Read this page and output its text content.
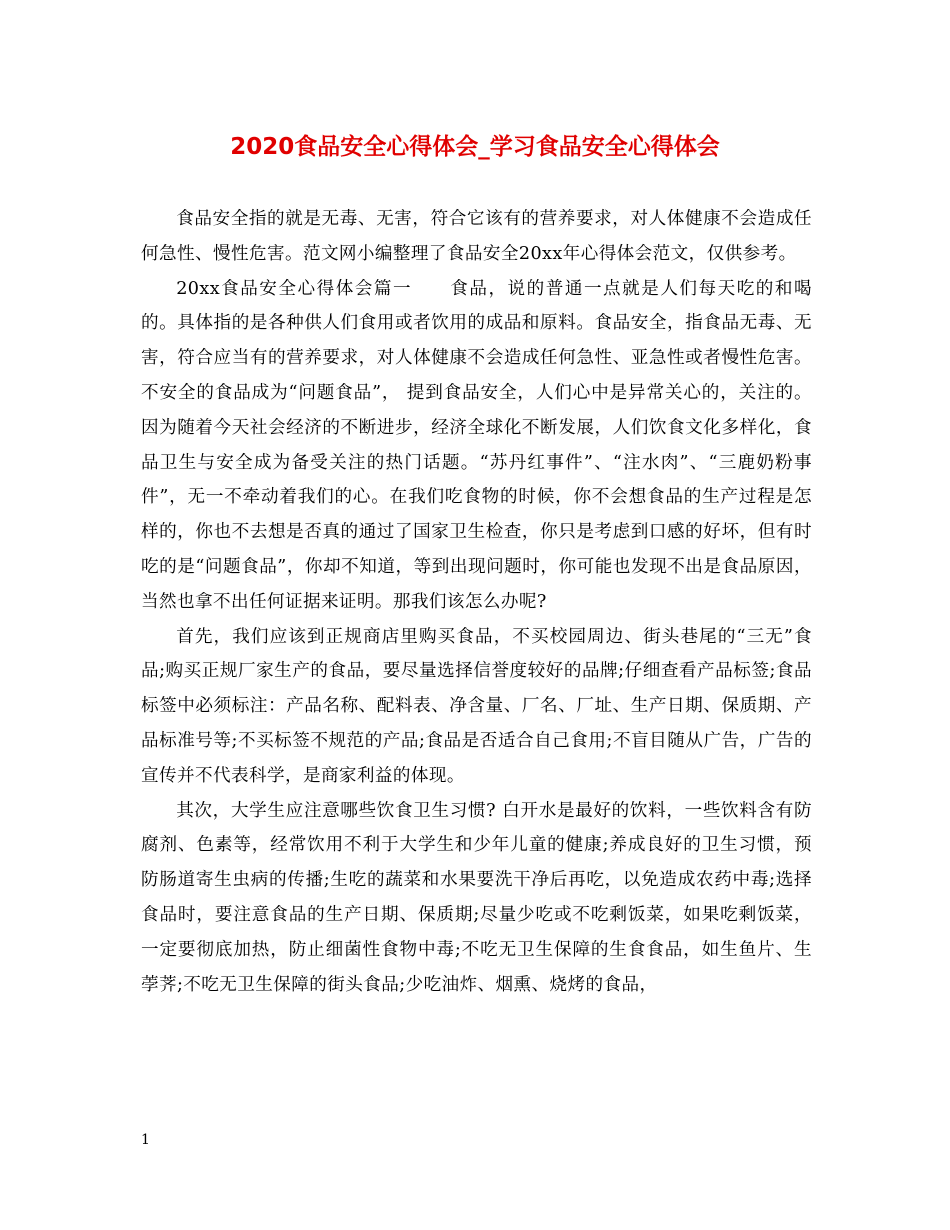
2020食品安全心得体会_学习食品安全心得体会

食品安全指的就是无毒、无害，符合它该有的营养要求，对人体健康不会造成任何急性、慢性危害。范文网小编整理了食品安全20xx年心得体会范文，仅供参考。

20xx食品安全心得体会篇一　　食品，说的普通一点就是人们每天吃的和喝的。具体指的是各种供人们食用或者饮用的成品和原料。食品安全，指食品无毒、无害，符合应当有的营养要求，对人体健康不会造成任何急性、亚急性或者慢性危害。不安全的食品成为“问题食品”， 提到食品安全，人们心中是异常关心的，关注的。因为随着今天社会经济的不断进步，经济全球化不断发展，人们饮食文化多样化，食品卫生与安全成为备受关注的热门话题。“苏丹红事件”、“注水肉”、“三鹿奶粉事件”，无一不牵动着我们的心。在我们吃食物的时候，你不会想食品的生产过程是怎样的，你也不去想是否真的通过了国家卫生检查，你只是考虑到口感的好坏，但有时吃的是“问题食品”，你却不知道，等到出现问题时，你可能也发现不出是食品原因，当然也拿不出任何证据来证明。那我们该怎么办呢?

首先，我们应该到正规商店里购买食品，不买校园周边、街头巷尾的“三无”食品;购买正规厂家生产的食品，要尽量选择信誉度较好的品牌;仔细查看产品标签;食品标签中必须标注：产品名称、配料表、净含量、厂名、厂址、生产日期、保质期、产品标准号等;不买标签不规范的产品;食品是否适合自己食用;不盲目随从广告，广告的宣传并不代表科学，是商家利益的体现。

其次，大学生应注意哪些饮食卫生习惯? 白开水是最好的饮料，一些饮料含有防腐剂、色素等，经常饮用不利于大学生和少年儿童的健康;养成良好的卫生习惯，预防肠道寄生虫病的传播;生吃的蔬菜和水果要洗干净后再吃，以免造成农药中毒;选择食品时，要注意食品的生产日期、保质期;尽量少吃或不吃剩饭菜，如果吃剩饭菜，一定要彻底加热，防止细菌性食物中毒;不吃无卫生保障的生食食品，如生鱼片、生荸荠;不吃无卫生保障的街头食品;少吃油炸、烟熏、烧烤的食品，

1
